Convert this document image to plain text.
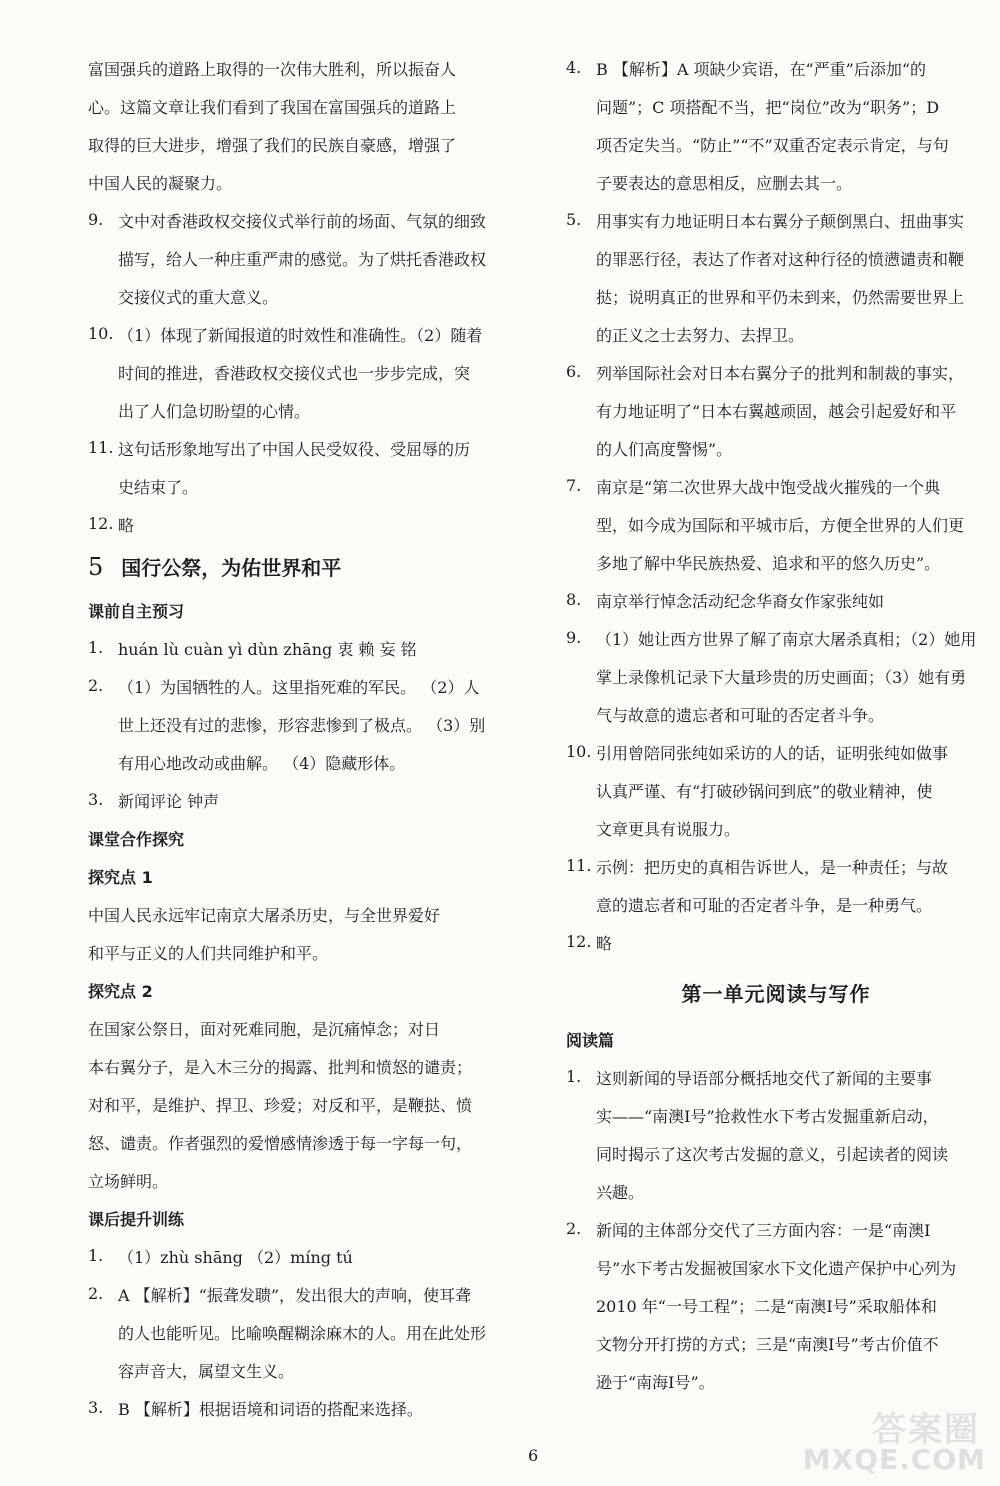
富国强兵的道路上取得的一次伟大胜利，所以振奋人

心。这篇文章让我们看到了我国在富国强兵的道路上

取得的巨大进步，增强了我们的民族自豪感，增强了

中国人民的凝聚力。

9. 文中对香港政权交接仪式举行前的场面、气氛的细致

描写，给人一种庄重严肃的感觉。为了烘托香港政权

交接仪式的重大意义。

10. （1）体现了新闻报道的时效性和准确性。（2）随着

时间的推进，香港政权交接仪式也一步步完成，突

出了人们急切盼望的心情。

11. 这句话形象地写出了中国人民受奴役、受屈辱的历

史结束了。

12. 略

5 国行公祭，为佑世界和平
课前自主预习
1. huán lù cuàn yì dùn zhāng 衷 赖 妄 铭

2. （1）为国牺牲的人。这里指死难的军民。 （2）人

世上还没有过的悲惨，形容悲惨到了极点。 （3）别

有用心地改动或曲解。 （4）隐藏形体。

3. 新闻评论 钟声

课堂合作探究
探究点 1

中国人民永远牢记南京大屠杀历史，与全世界爱好

和平与正义的人们共同维护和平。

探究点 2

在国家公祭日，面对死难同胞，是沉痛悼念；对日

本右翼分子，是入木三分的揭露、批判和愤怒的谴责；

对和平，是维护、捍卫、珍爱；对反和平，是鞭挞、愤

怒、谴责。作者强烈的爱憎感情渗透于每一字每一句，

立场鲜明。

课后提升训练
1. （1）zhù shāng （2）míng tú

2. A 【解析】“振聋发聩”，发出很大的声响，使耳聋

的人也能听见。比喻唤醒糊涂麻木的人。用在此处形

容声音大，属望文生义。

3. B 【解析】根据语境和词语的搭配来选择。

4. B 【解析】A 项缺少宾语，在“严重”后添加“的

问题”；C 项搭配不当，把“岗位”改为“职务”；D

项否定失当。“防止”“不”双重否定表示肯定，与句

子要表达的意思相反，应删去其一。

5. 用事实有力地证明日本右翼分子颠倒黑白、扭曲事实

的罪恶行径，表达了作者对这种行径的愤懑谴责和鞭

挞；说明真正的世界和平仍未到来，仍然需要世界上

的正义之士去努力、去捍卫。

6. 列举国际社会对日本右翼分子的批判和制裁的事实，

有力地证明了“日本右翼越顽固，越会引起爱好和平

的人们高度警惕”。

7. 南京是“第二次世界大战中饱受战火摧残的一个典

型，如今成为国际和平城市后，方便全世界的人们更

多地了解中华民族热爱、追求和平的悠久历史”。

8. 南京举行悼念活动纪念华裔女作家张纯如

9. （1）她让西方世界了解了南京大屠杀真相；（2）她用

掌上录像机记录下大量珍贵的历史画面；（3）她有勇

气与故意的遗忘者和可耻的否定者斗争。

10. 引用曾陪同张纯如采访的人的话，证明张纯如做事

认真严谨、有“打破砂锅问到底”的敬业精神，使

文章更具有说服力。

11. 示例：把历史的真相告诉世人，是一种责任；与故

意的遗忘者和可耻的否定者斗争，是一种勇气。

12. 略

第一单元阅读与写作
阅读篇
1. 这则新闻的导语部分概括地交代了新闻的主要事

实——“南澳Ⅰ号”抢救性水下考古发掘重新启动，

同时揭示了这次考古发掘的意义，引起读者的阅读

兴趣。

2. 新闻的主体部分交代了三方面内容：一是“南澳Ⅰ

号”水下考古发掘被国家水下文化遗产保护中心列为

2010 年“一号工程”；二是“南澳Ⅰ号”采取船体和

文物分开打捞的方式；三是“南澳Ⅰ号”考古价值不

逊于“南海Ⅰ号”。

6
答案圈
MXQE.COM
